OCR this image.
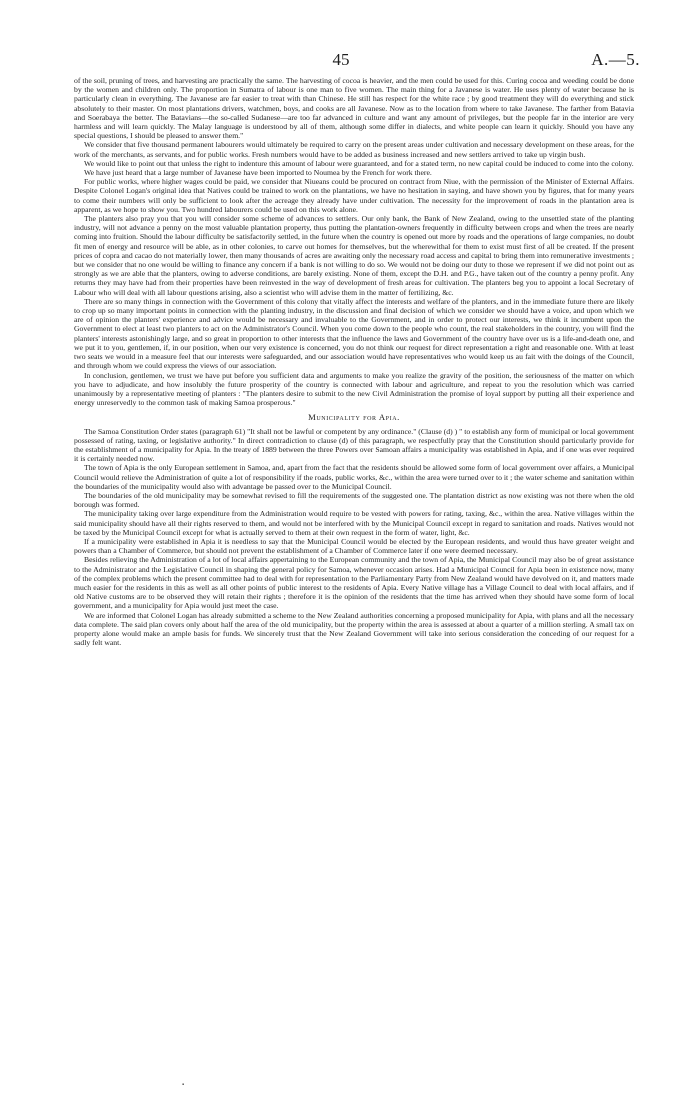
45	A.—5.

of the soil, pruning of trees, and harvesting are practically the same. The harvesting of cocoa is heavier, and the men could be used for this. Curing cocoa and weeding could be done by the women and children only. The proportion in Sumatra of labour is one man to five women. The main thing for a Javanese is water. He uses plenty of water because he is particularly clean in everything. The Javanese are far easier to treat with than Chinese. He still has respect for the white race ; by good treatment they will do everything and stick absolutely to their master. On most plantations drivers, watchmen, boys, and cooks are all Javanese. Now as to the location from where to take Javanese. The farther from Batavia and Soerabaya the better. The Batavians—the so-called Sudanese—are too far advanced in culture and want any amount of privileges, but the people far in the interior are very harmless and will learn quickly. The Malay language is understood by all of them, although some differ in dialects, and white people can learn it quickly. Should you have any special questions, I should be pleased to answer them."

We consider that five thousand permanent labourers would ultimately be required to carry on the present areas under cultivation and necessary development on these areas, for the work of the merchants, as servants, and for public works. Fresh numbers would have to be added as business increased and new settlers arrived to take up virgin bush.

We would like to point out that unless the right to indenture this amount of labour were guaranteed, and for a stated term, no new capital could be induced to come into the colony.

We have just heard that a large number of Javanese have been imported to Noumea by the French for work there.

For public works, where higher wages could be paid, we consider that Niueans could be procured on contract from Niue, with the permission of the Minister of External Affairs. Despite Colonel Logan's original idea that Natives could be trained to work on the plantations, we have no hesitation in saying, and have shown you by figures, that for many years to come their numbers will only be sufficient to look after the acreage they already have under cultivation. The necessity for the improvement of roads in the plantation area is apparent, as we hope to show you. Two hundred labourers could be used on this work alone.

The planters also pray you that you will consider some scheme of advances to settlers. Our only bank, the Bank of New Zealand, owing to the unsettled state of the planting industry, will not advance a penny on the most valuable plantation property, thus putting the plantation-owners frequently in difficulty between crops and when the trees are nearly coming into fruition. Should the labour difficulty be satisfactorily settled, in the future when the country is opened out more by roads and the operations of large companies, no doubt fit men of energy and resource will be able, as in other colonies, to carve out homes for themselves, but the wherewithal for them to exist must first of all be created. If the present prices of copra and cacao do not materially lower, then many thousands of acres are awaiting only the necessary road access and capital to bring them into remunerative investments ; but we consider that no one would be willing to finance any concern if a bank is not willing to do so. We would not be doing our duty to those we represent if we did not point out as strongly as we are able that the planters, owing to adverse conditions, are barely existing. None of them, except the D.H. and P.G., have taken out of the country a penny profit. Any returns they may have had from their properties have been reinvested in the way of development of fresh areas for cultivation. The planters beg you to appoint a local Secretary of Labour who will deal with all labour questions arising, also a scientist who will advise them in the matter of fertilizing, &c.

There are so many things in connection with the Government of this colony that vitally affect the interests and welfare of the planters, and in the immediate future there are likely to crop up so many important points in connection with the planting industry, in the discussion and final decision of which we consider we should have a voice, and upon which we are of opinion the planters' experience and advice would be necessary and invaluable to the Government, and in order to protect our interests, we think it incumbent upon the Government to elect at least two planters to act on the Administrator's Council. When you come down to the people who count, the real stakeholders in the country, you will find the planters' interests astonishingly large, and so great in proportion to other interests that the influence the laws and Government of the country have over us is a life-and-death one, and we put it to you, gentlemen, if, in our position, when our very existence is concerned, you do not think our request for direct representation a right and reasonable one. With at least two seats we would in a measure feel that our interests were safeguarded, and our association would have representatives who would keep us au fait with the doings of the Council, and through whom we could express the views of our association.

In conclusion, gentlemen, we trust we have put before you sufficient data and arguments to make you realize the gravity of the position, the seriousness of the matter on which you have to adjudicate, and how insolubly the future prosperity of the country is connected with labour and agriculture, and repeat to you the resolution which was carried unanimously by a representative meeting of planters : "The planters desire to submit to the new Civil Administration the promise of loyal support by putting all their experience and energy unreservedly to the common task of making Samoa prosperous."

Municipality for Apia.

The Samoa Constitution Order states (paragraph 61) "It shall not be lawful or competent by any ordinance." (Clause (d) ) " to establish any form of municipal or local government possessed of rating, taxing, or legislative authority." In direct contradiction to clause (d) of this paragraph, we respectfully pray that the Constitution should particularly provide for the establishment of a municipality for Apia. In the treaty of 1889 between the three Powers over Samoan affairs a municipality was established in Apia, and if one was ever required it is certainly needed now.

The town of Apia is the only European settlement in Samoa, and, apart from the fact that the residents should be allowed some form of local government over affairs, a Municipal Council would relieve the Administration of quite a lot of responsibility if the roads, public works, &c., within the area were turned over to it ; the water scheme and sanitation within the boundaries of the municipality would also with advantage be passed over to the Municipal Council.

The boundaries of the old municipality may be somewhat revised to fill the requirements of the suggested one. The plantation district as now existing was not there when the old borough was formed.

The municipality taking over large expenditure from the Administration would require to be vested with powers for rating, taxing, &c., within the area. Native villages within the said municipality should have all their rights reserved to them, and would not be interfered with by the Municipal Council except in regard to sanitation and roads. Natives would not be taxed by the Municipal Council except for what is actually served to them at their own request in the form of water, light, &c.

If a municipality were established in Apia it is needless to say that the Municipal Council would be elected by the European residents, and would thus have greater weight and powers than a Chamber of Commerce, but should not prevent the establishment of a Chamber of Commerce later if one were deemed necessary.

Besides relieving the Administration of a lot of local affairs appertaining to the European community and the town of Apia, the Municipal Council may also be of great assistance to the Administrator and the Legislative Council in shaping the general policy for Samoa, whenever occasion arises. Had a Municipal Council for Apia been in existence now, many of the complex problems which the present committee had to deal with for representation to the Parliamentary Party from New Zealand would have devolved on it, and matters made much easier for the residents in this as well as all other points of public interest to the residents of Apia. Every Native village has a Village Council to deal with local affairs, and if old Native customs are to be observed they will retain their rights ; therefore it is the opinion of the residents that the time has arrived when they should have some form of local government, and a municipality for Apia would just meet the case.

We are informed that Colonel Logan has already submitted a scheme to the New Zealand authorities concerning a proposed municipality for Apia, with plans and all the necessary data complete. The said plan covers only about half the area of the old municipality, but the property within the area is assessed at about a quarter of a million sterling. A small tax on property alone would make an ample basis for funds. We sincerely trust that the New Zealand Government will take into serious consideration the conceding of our request for a sadly felt want.

▪
